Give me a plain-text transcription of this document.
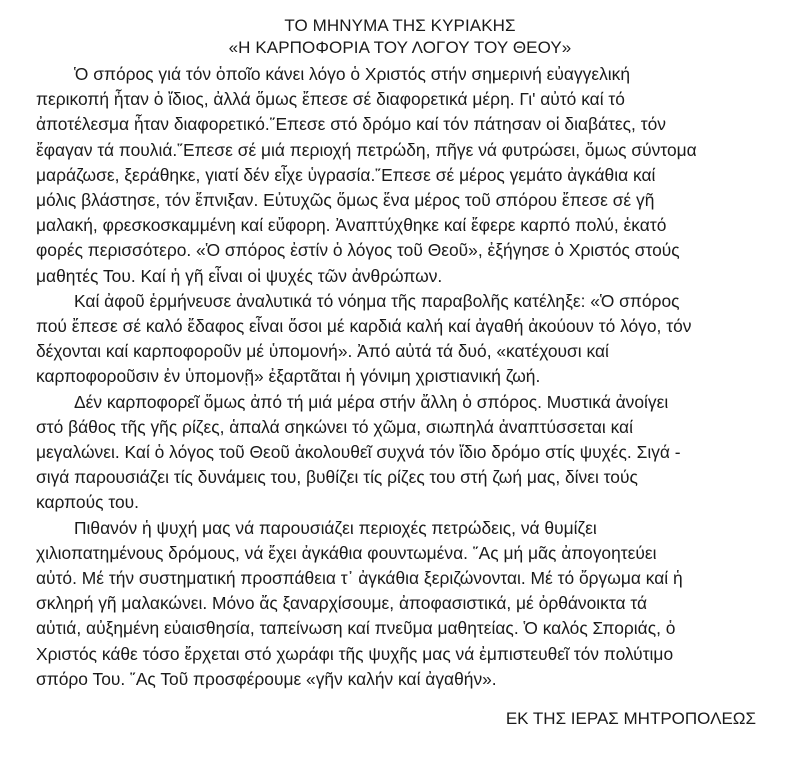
ΤΟ ΜΗΝΥΜΑ ΤΗΣ ΚΥΡΙΑΚΗΣ
«Η ΚΑΡΠΟΦΟΡΙΑ ΤΟΥ ΛΟΓΟΥ ΤΟΥ ΘΕΟΥ»
Ὁ σπόρος γιά τόν ὁποῖο κάνει λόγο ὁ Χριστός στήν σημερινή εὐαγγελική
περικοπή ἦταν ὁ ἴδιος, ἀλλά ὅμως ἔπεσε σέ διαφορετικά μέρη. Γι' αὐτό καί τό
ἀποτέλεσμα ἦταν διαφορετικό.῞Επεσε στό δρόμο καί τόν πάτησαν οἱ διαβάτες, τόν
ἔφαγαν τά πουλιά.῞Επεσε σέ μιά περιοχή πετρώδη, πῆγε νά φυτρώσει, ὅμως σύντομα
μαράζωσε, ξεράθηκε, γιατί δέν εἶχε ὑγρασία.῞Επεσε σέ μέρος γεμάτο ἀγκάθια καί
μόλις βλάστησε, τόν ἔπνιξαν. Εὐτυχῶς ὅμως ἕνα μέρος τοῦ σπόρου ἔπεσε σέ γῆ
μαλακή, φρεσκοσκαμμένη καί εὔφορη. Ἀναπτύχθηκε καί ἔφερε καρπό πολύ, ἑκατό
φορές περισσότερο. «Ὁ σπόρος ἐστίν ὁ λόγος τοῦ Θεοῦ», ἐξήγησε ὁ Χριστός στούς
μαθητές Του. Καί ἡ γῆ εἶναι οἱ ψυχές τῶν ἀνθρώπων.
Καί ἀφοῦ ἑρμήνευσε ἀναλυτικά τό νόημα τῆς παραβολῆς κατέληξε: «Ὁ σπόρος
πού ἔπεσε σέ καλό ἔδαφος εἶναι ὅσοι μέ καρδιά καλή καί ἀγαθή ἀκούουν τό λόγο, τόν
δέχονται καί καρποφοροῦν μέ ὑπομονή». Ἀπό αὐτά τά δυό, «κατέχουσι καί
καρποφοροῦσιν ἐν ὑπομονῇ» ἐξαρτᾶται ἡ γόνιμη χριστιανική ζωή.
Δέν καρποφορεῖ ὅμως ἀπό τή μιά μέρα στήν ἄλλη ὁ σπόρος. Μυστικά ἀνοίγει
στό βάθος τῆς γῆς ρίζες, ἁπαλά σηκώνει τό χῶμα, σιωπηλά ἀναπτύσσεται καί
μεγαλώνει. Καί ὁ λόγος τοῦ Θεοῦ ἀκολουθεῖ συχνά τόν ἴδιο δρόμο στίς ψυχές. Σιγά -
σιγά παρουσιάζει τίς δυνάμεις του, βυθίζει τίς ρίζες του στή ζωή μας, δίνει τούς
καρπούς του.
Πιθανόν ἡ ψυχή μας νά παρουσιάζει περιοχές πετρώδεις, νά θυμίζει
χιλιοπατημένους δρόμους, νά ἔχει ἀγκάθια φουντωμένα. ῞Ας μή μᾶς ἀπογοητεύει
αὐτό. Μέ τήν συστηματική προσπάθεια τ᾽ ἀγκάθια ξεριζώνονται. Μέ τό ὄργωμα καί ἡ
σκληρή γῆ μαλακώνει. Μόνο ἄς ξαναρχίσουμε, ἀποφασιστικά, μέ ὀρθάνοικτα τά
αὐτιά, αὐξημένη εὐαισθησία, ταπείνωση καί πνεῦμα μαθητείας. Ὁ καλός Σποριάς, ὁ
Χριστός κάθε τόσο ἔρχεται στό χωράφι τῆς ψυχῆς μας νά ἐμπιστευθεῖ τόν πολύτιμο
σπόρο Του. ῞Ας Τοῦ προσφέρουμε «γῆν καλήν καί ἀγαθήν».
ΕΚ ΤΗΣ ΙΕΡΑΣ ΜΗΤΡΟΠΟΛΕΩΣ
